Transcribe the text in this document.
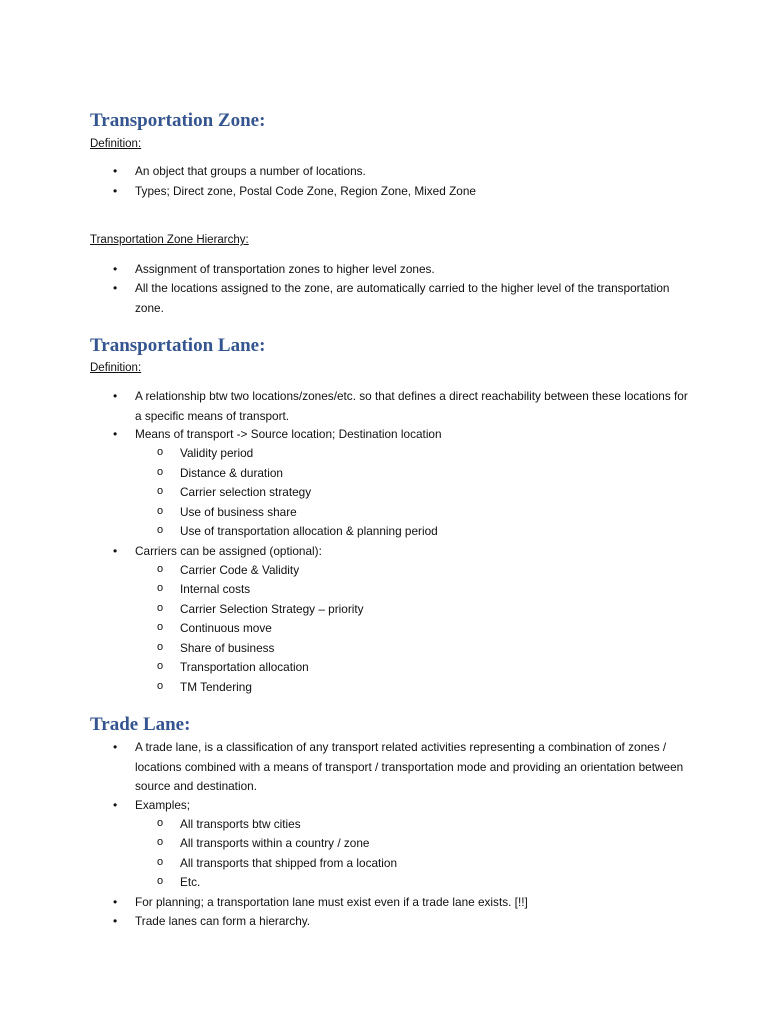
Transportation Zone:

Definition:

• An object that groups a number of locations.

• Types; Direct zone, Postal Code Zone, Region Zone, Mixed Zone

Transportation Zone Hierarchy:

• Assignment of transportation zones to higher level zones.

• All the locations assigned to the zone, are automatically carried to the higher level of the transportation zone.

Transportation Lane:

Definition:

• A relationship btw two locations/zones/etc. so that defines a direct reachability between these locations for a specific means of transport.

• Means of transport -> Source location; Destination location

o Validity period

o Distance & duration

o Carrier selection strategy

o Use of business share

o Use of transportation allocation & planning period

• Carriers can be assigned (optional):

o Carrier Code & Validity

o Internal costs

o Carrier Selection Strategy – priority

o Continuous move

o Share of business

o Transportation allocation

o TM Tendering

Trade Lane:

• A trade lane, is a classification of any transport related activities representing a combination of zones / locations combined with a means of transport / transportation mode and providing an orientation between source and destination.

• Examples;

o All transports btw cities

o All transports within a country / zone

o All transports that shipped from a location

o Etc.

• For planning; a transportation lane must exist even if a trade lane exists. [!!]

• Trade lanes can form a hierarchy.
